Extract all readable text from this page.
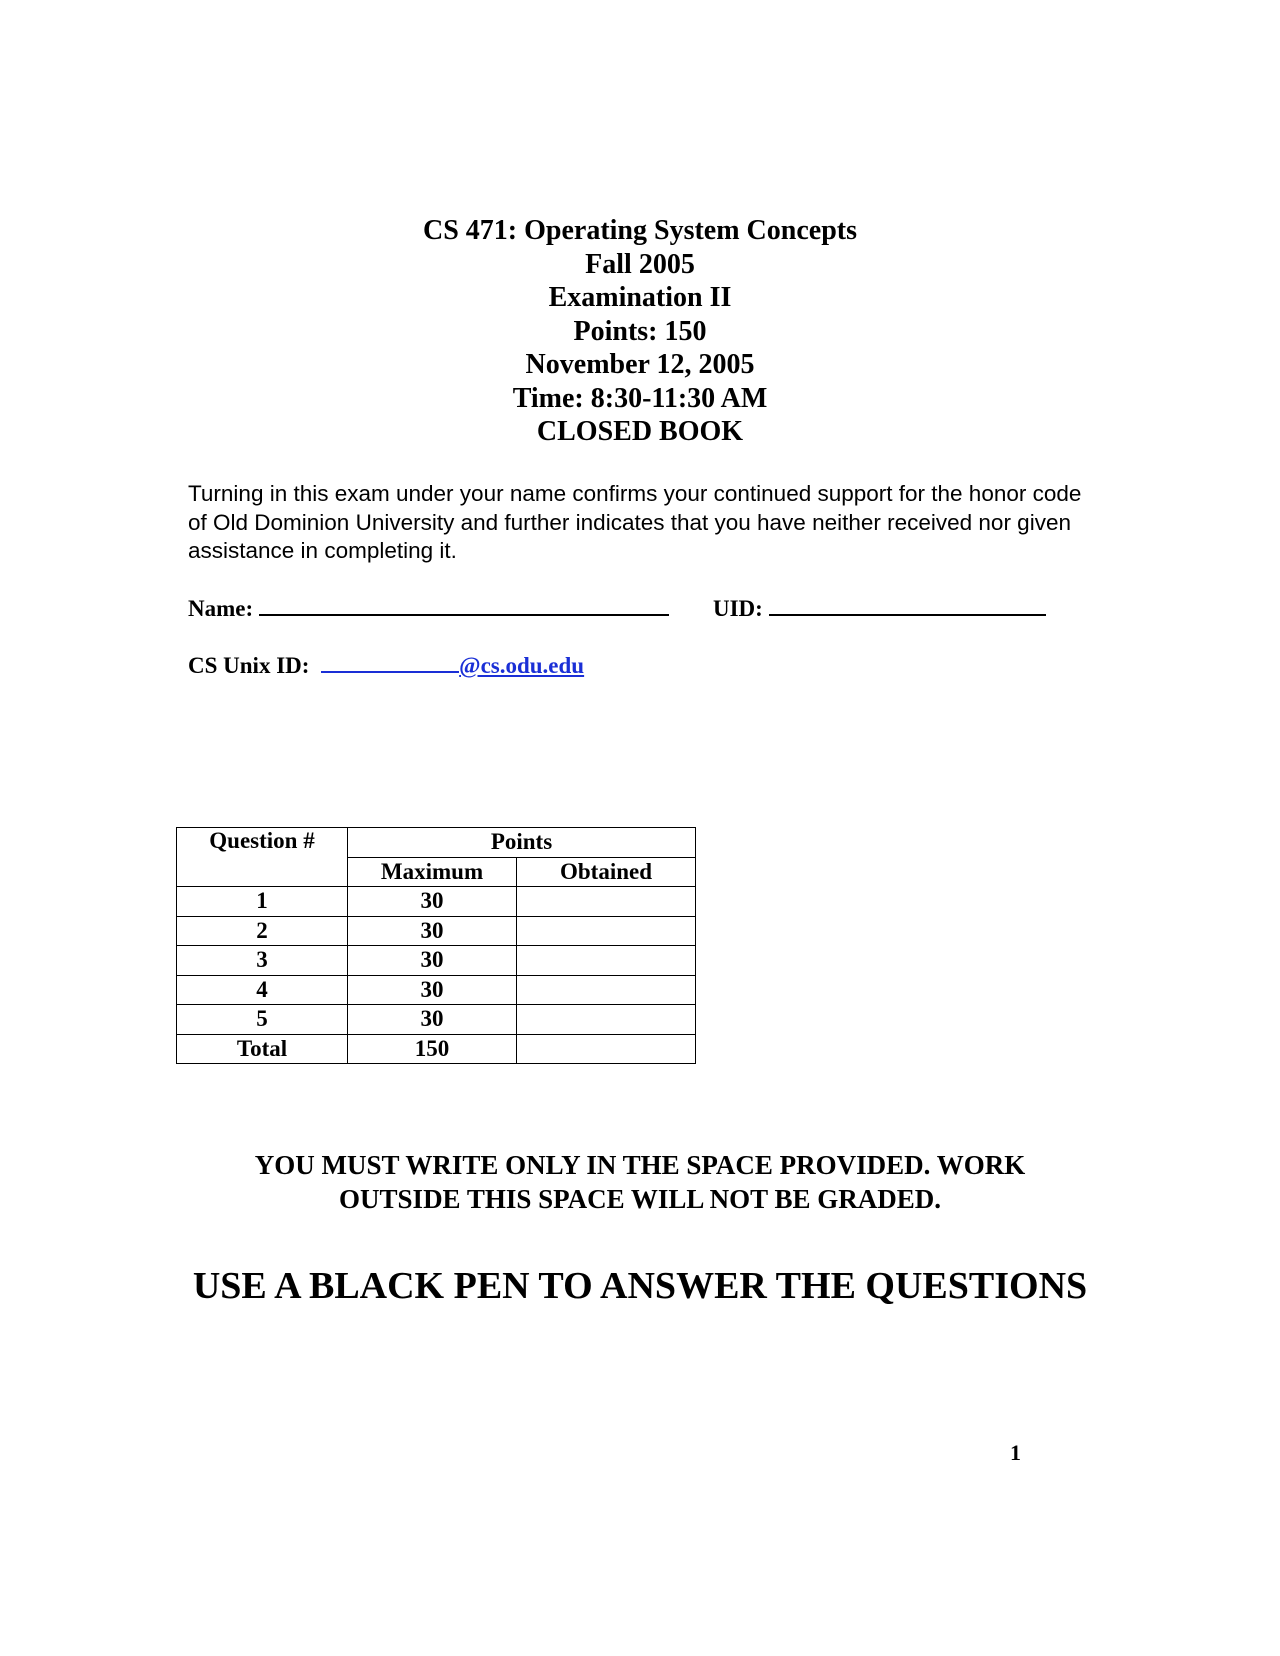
CS 471: Operating System Concepts
Fall 2005
Examination II
Points: 150
November 12, 2005
Time: 8:30-11:30 AM
CLOSED BOOK
Turning in this exam under your name confirms your continued support for the honor code of Old Dominion University and further indicates that you have neither received nor given assistance in completing it.
Name:	UID:
CS Unix ID:	@cs.odu.edu
Question #	Points	
	Maximum	Obtained
1	30	
2	30	
3	30	
4	30	
5	30	
Total	150	
YOU MUST WRITE ONLY IN THE SPACE PROVIDED. WORK
OUTSIDE THIS SPACE WILL NOT BE GRADED.
USE A BLACK PEN TO ANSWER THE QUESTIONS
1
